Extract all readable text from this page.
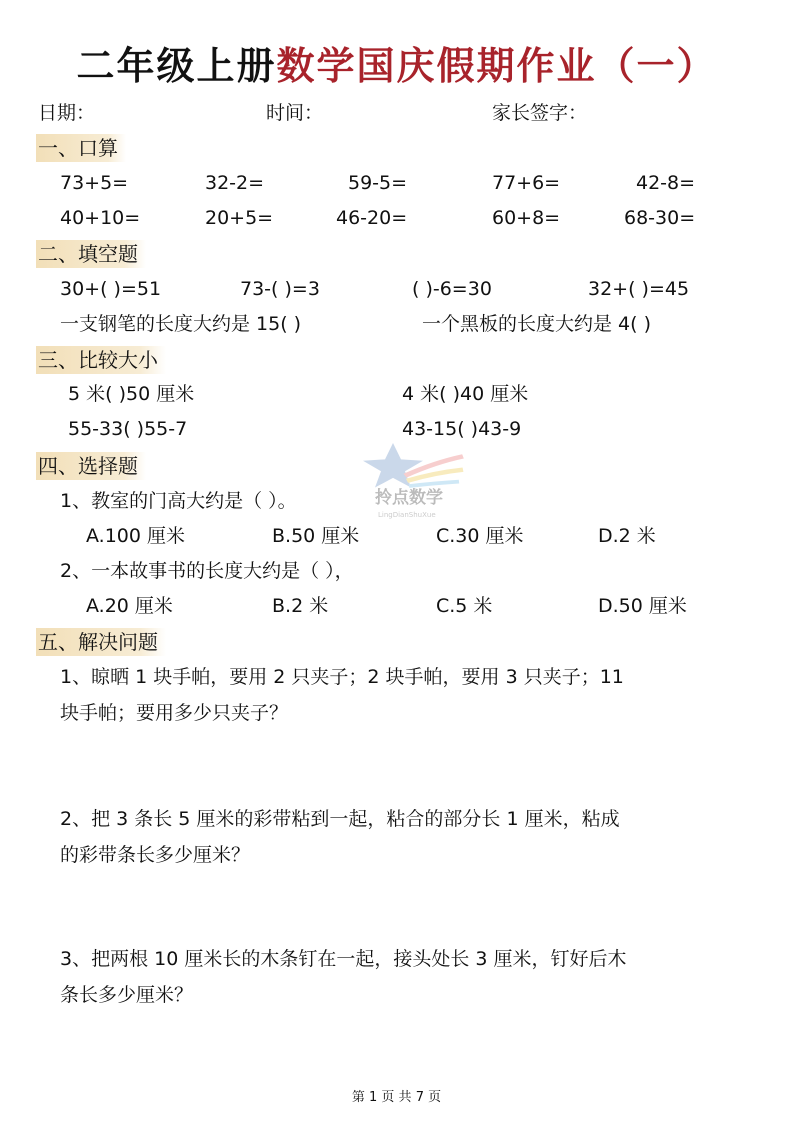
二年级上册数学国庆假期作业（一）
日期：	时间：	家长签字：
一、口算
73+5=	32-2=	59-5=	77+6=	42-8=
40+10=	20+5=	46-20=	60+8=	68-30=
二、填空题
30+( )=51	73-( )=3	( )-6=30	32+( )=45
一支钢笔的长度大约是 15( )	一个黑板的长度大约是 4( )
三、比较大小
5 米( )50 厘米	4 米( )40 厘米
55-33( )55-7	43-15( )43-9
拎点数学
LingDianShuXue
四、选择题
1、教室的门高大约是（ ）。
A.100 厘米	B.50 厘米	C.30 厘米	D.2 米
2、一本故事书的长度大约是（ ），
A.20 厘米	B.2 米	C.5 米	D.50 厘米
五、解决问题
1、晾晒 1 块手帕，要用 2 只夹子；2 块手帕，要用 3 只夹子；11
块手帕；要用多少只夹子？
2、把 3 条长 5 厘米的彩带粘到一起，粘合的部分长 1 厘米，粘成
的彩带条长多少厘米？
3、把两根 10 厘米长的木条钉在一起，接头处长 3 厘米，钉好后木
条长多少厘米？
第 1 页 共 7 页
